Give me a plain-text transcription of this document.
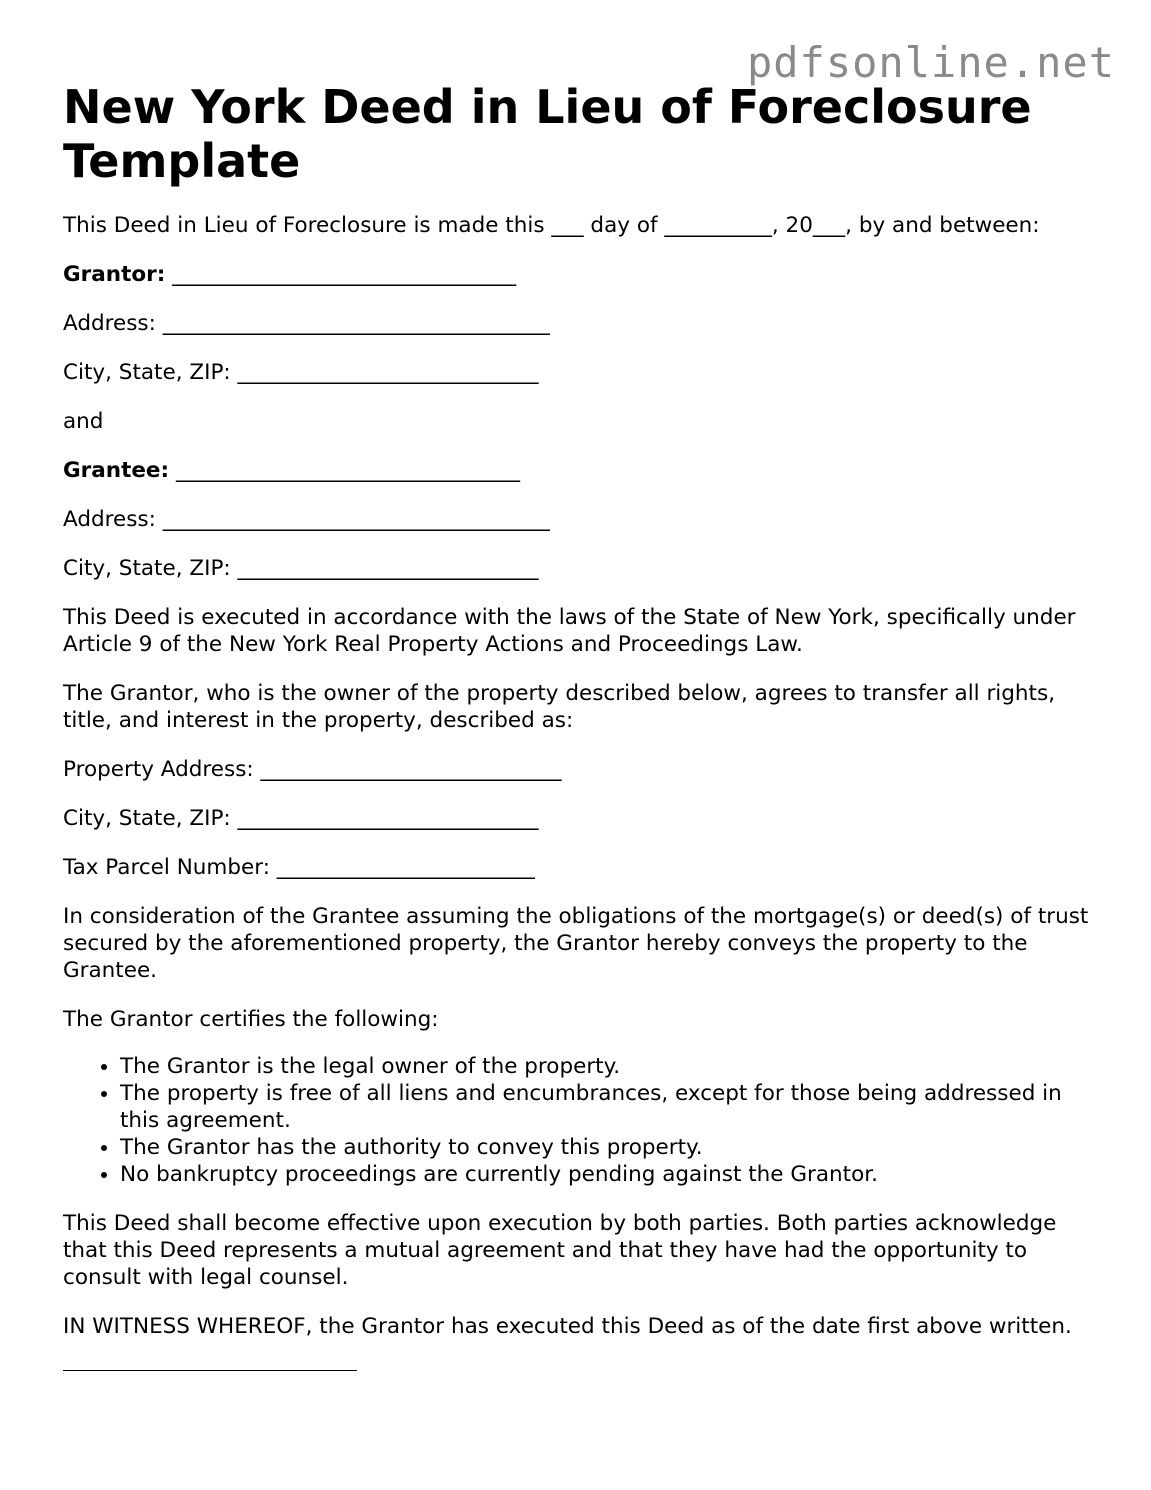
pdfsonline.net
New York Deed in Lieu of Foreclosure Template

This Deed in Lieu of Foreclosure is made this ___ day of __________, 20___, by and between:

Grantor: ________________________________

Address: ____________________________________

City, State, ZIP: ____________________________

and

Grantee: ________________________________

Address: ____________________________________

City, State, ZIP: ____________________________

This Deed is executed in accordance with the laws of the State of New York, specifically under Article 9 of the New York Real Property Actions and Proceedings Law.

The Grantor, who is the owner of the property described below, agrees to transfer all rights, title, and interest in the property, described as:

Property Address: ____________________________

City, State, ZIP: ____________________________

Tax Parcel Number: ________________________

In consideration of the Grantee assuming the obligations of the mortgage(s) or deed(s) of trust secured by the aforementioned property, the Grantor hereby conveys the property to the Grantee.

The Grantor certifies the following:

• The Grantor is the legal owner of the property.
• The property is free of all liens and encumbrances, except for those being addressed in this agreement.
• The Grantor has the authority to convey this property.
• No bankruptcy proceedings are currently pending against the Grantor.

This Deed shall become effective upon execution by both parties. Both parties acknowledge that this Deed represents a mutual agreement and that they have had the opportunity to consult with legal counsel.

IN WITNESS WHEREOF, the Grantor has executed this Deed as of the date first above written.
